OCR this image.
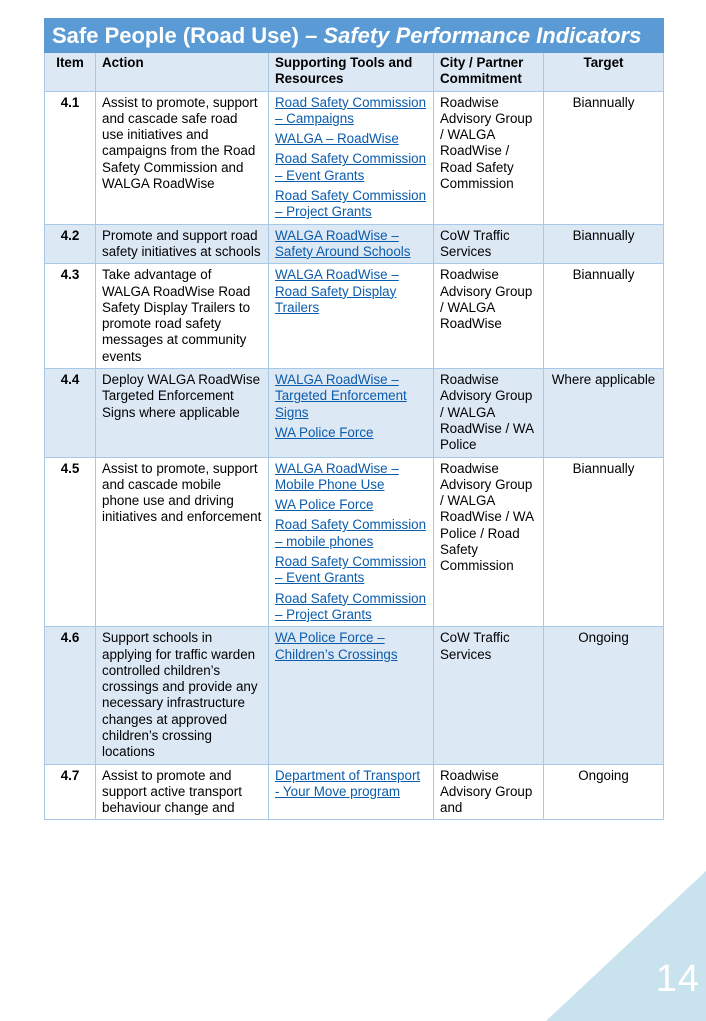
Safe People (Road Use) – Safety Performance Indicators				
Item	Action	Supporting Tools and Resources	City / Partner Commitment	Target
4.1	Assist to promote, support and cascade safe road use initiatives and campaigns from the Road Safety Commission and WALGA RoadWise	Road Safety Commission – Campaigns
WALGA – RoadWise
Road Safety Commission – Event Grants
Road Safety Commission – Project Grants	Roadwise Advisory Group / WALGA RoadWise / Road Safety Commission	Biannually
4.2	Promote and support road safety initiatives at schools	WALGA RoadWise – Safety Around Schools	CoW Traffic Services	Biannually
4.3	Take advantage of WALGA RoadWise Road Safety Display Trailers to promote road safety messages at community events	WALGA RoadWise – Road Safety Display Trailers	Roadwise Advisory Group / WALGA RoadWise	Biannually
4.4	Deploy WALGA RoadWise Targeted Enforcement Signs where applicable	WALGA RoadWise – Targeted Enforcement Signs
WA Police Force	Roadwise Advisory Group / WALGA RoadWise / WA Police	Where applicable
4.5	Assist to promote, support and cascade mobile phone use and driving initiatives and enforcement	WALGA RoadWise – Mobile Phone Use
WA Police Force
Road Safety Commission – mobile phones
Road Safety Commission – Event Grants
Road Safety Commission – Project Grants	Roadwise Advisory Group / WALGA RoadWise / WA Police / Road Safety Commission	Biannually
4.6	Support schools in applying for traffic warden controlled children’s crossings and provide any necessary infrastructure changes at approved children’s crossing locations	WA Police Force – Children’s Crossings	CoW Traffic Services	Ongoing
4.7	Assist to promote and support active transport behaviour change and	Department of Transport - Your Move program	Roadwise Advisory Group and	Ongoing
14
